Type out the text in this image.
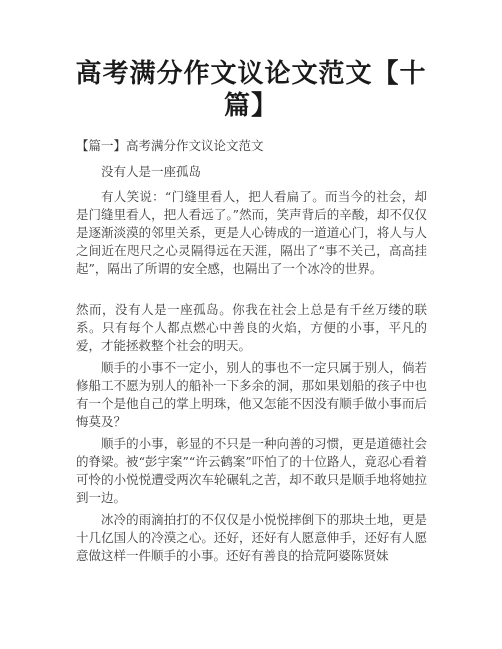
高考满分作文议论文范文【十篇】
【篇一】高考满分作文议论文范文

没有人是一座孤岛

有人笑说：“门缝里看人，把人看扁了。而当今的社会，却是门缝里看人，把人看远了。”然而，笑声背后的辛酸，却不仅仅是逐渐淡漠的邻里关系，更是人心铸成的一道道心门，将人与人之间近在咫尺之心灵隔得远在天涯，隔出了“事不关己，高高挂起”，隔出了所谓的安全感，也隔出了一个冰冷的世界。

然而，没有人是一座孤岛。你我在社会上总是有千丝万缕的联系。只有每个人都点燃心中善良的火焰，方便的小事，平凡的爱，才能拯救整个社会的明天。

顺手的小事不一定小，别人的事也不一定只属于别人，倘若修船工不愿为别人的船补一下多余的洞，那如果划船的孩子中也有一个是他自己的掌上明珠，他又怎能不因没有顺手做小事而后悔莫及？

顺手的小事，彰显的不只是一种向善的习惯，更是道德社会的脊梁。被“彭宇案”“许云鹤案”吓怕了的十位路人，竟忍心看着可怜的小悦悦遭受两次车轮碾轧之苦，却不敢只是顺手地将她拉到一边。

冰冷的雨滴拍打的不仅仅是小悦悦摔倒下的那块土地，更是十几亿国人的冷漠之心。还好，还好有人愿意伸手，还好有人愿意做这样一件顺手的小事。还好有善良的拾荒阿婆陈贤妹
